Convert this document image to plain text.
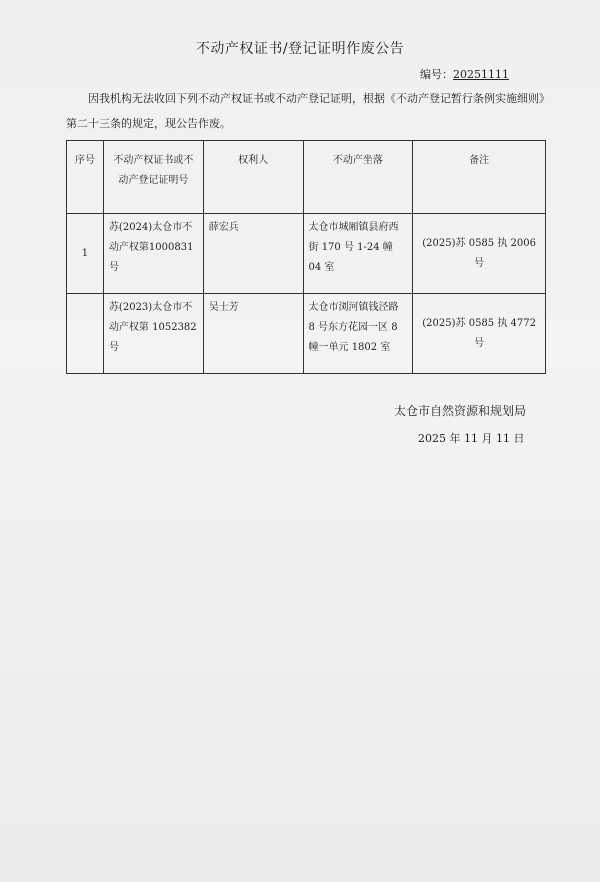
不动产权证书/登记证明作废公告
编号：20251111
因我机构无法收回下列不动产权证书或不动产登记证明，根据《不动产登记暂行条例实施细则》第二十三条的规定，现公告作废。
序号	不动产权证书或不动产登记证明号	权利人	不动产坐落	备注
1	苏(2024)太仓市不动产权第1000831号	薛宏兵	太仓市城厢镇县府西街 170 号 1-24 幢 04 室	(2025)苏 0585 执 2006 号
	苏(2023)太仓市不动产权第 1052382 号	吴士芳	太仓市浏河镇钱泾路 8 号东方花园一区 8 幢一单元 1802 室	(2025)苏 0585 执 4772 号
太仓市自然资源和规划局
2025 年 11 月 11 日
